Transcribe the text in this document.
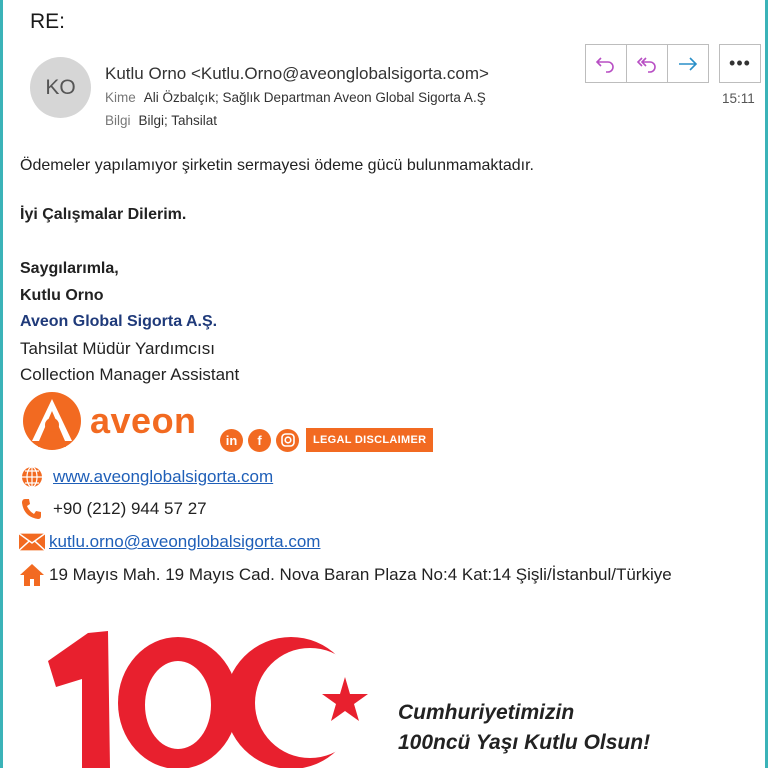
RE:
KO
Kutlu Orno <Kutlu.Orno@aveonglobalsigorta.com>
Kime Ali Özbalçık; Sağlık Departman Aveon Global Sigorta A.Ş
Bilgi Bilgi; Tahsilat
•••
15:11
Ödemeler yapılamıyor şirketin sermayesi ödeme gücü bulunmamaktadır.
İyi Çalışmalar Dilerim.
Saygılarımla,
Kutlu Orno
Aveon Global Sigorta A.Ş.
Tahsilat Müdür Yardımcısı
Collection Manager Assistant
aveon	in	f	LEGAL DISCLAIMER
www.aveonglobalsigorta.com
+90 (212) 944 57 27
kutlu.orno@aveonglobalsigorta.com
19 Mayıs Mah. 19 Mayıs Cad. Nova Baran Plaza No:4 Kat:14 Şişli/İstanbul/Türkiye
Cumhuriyetimizin
100ncü Yaşı Kutlu Olsun!
